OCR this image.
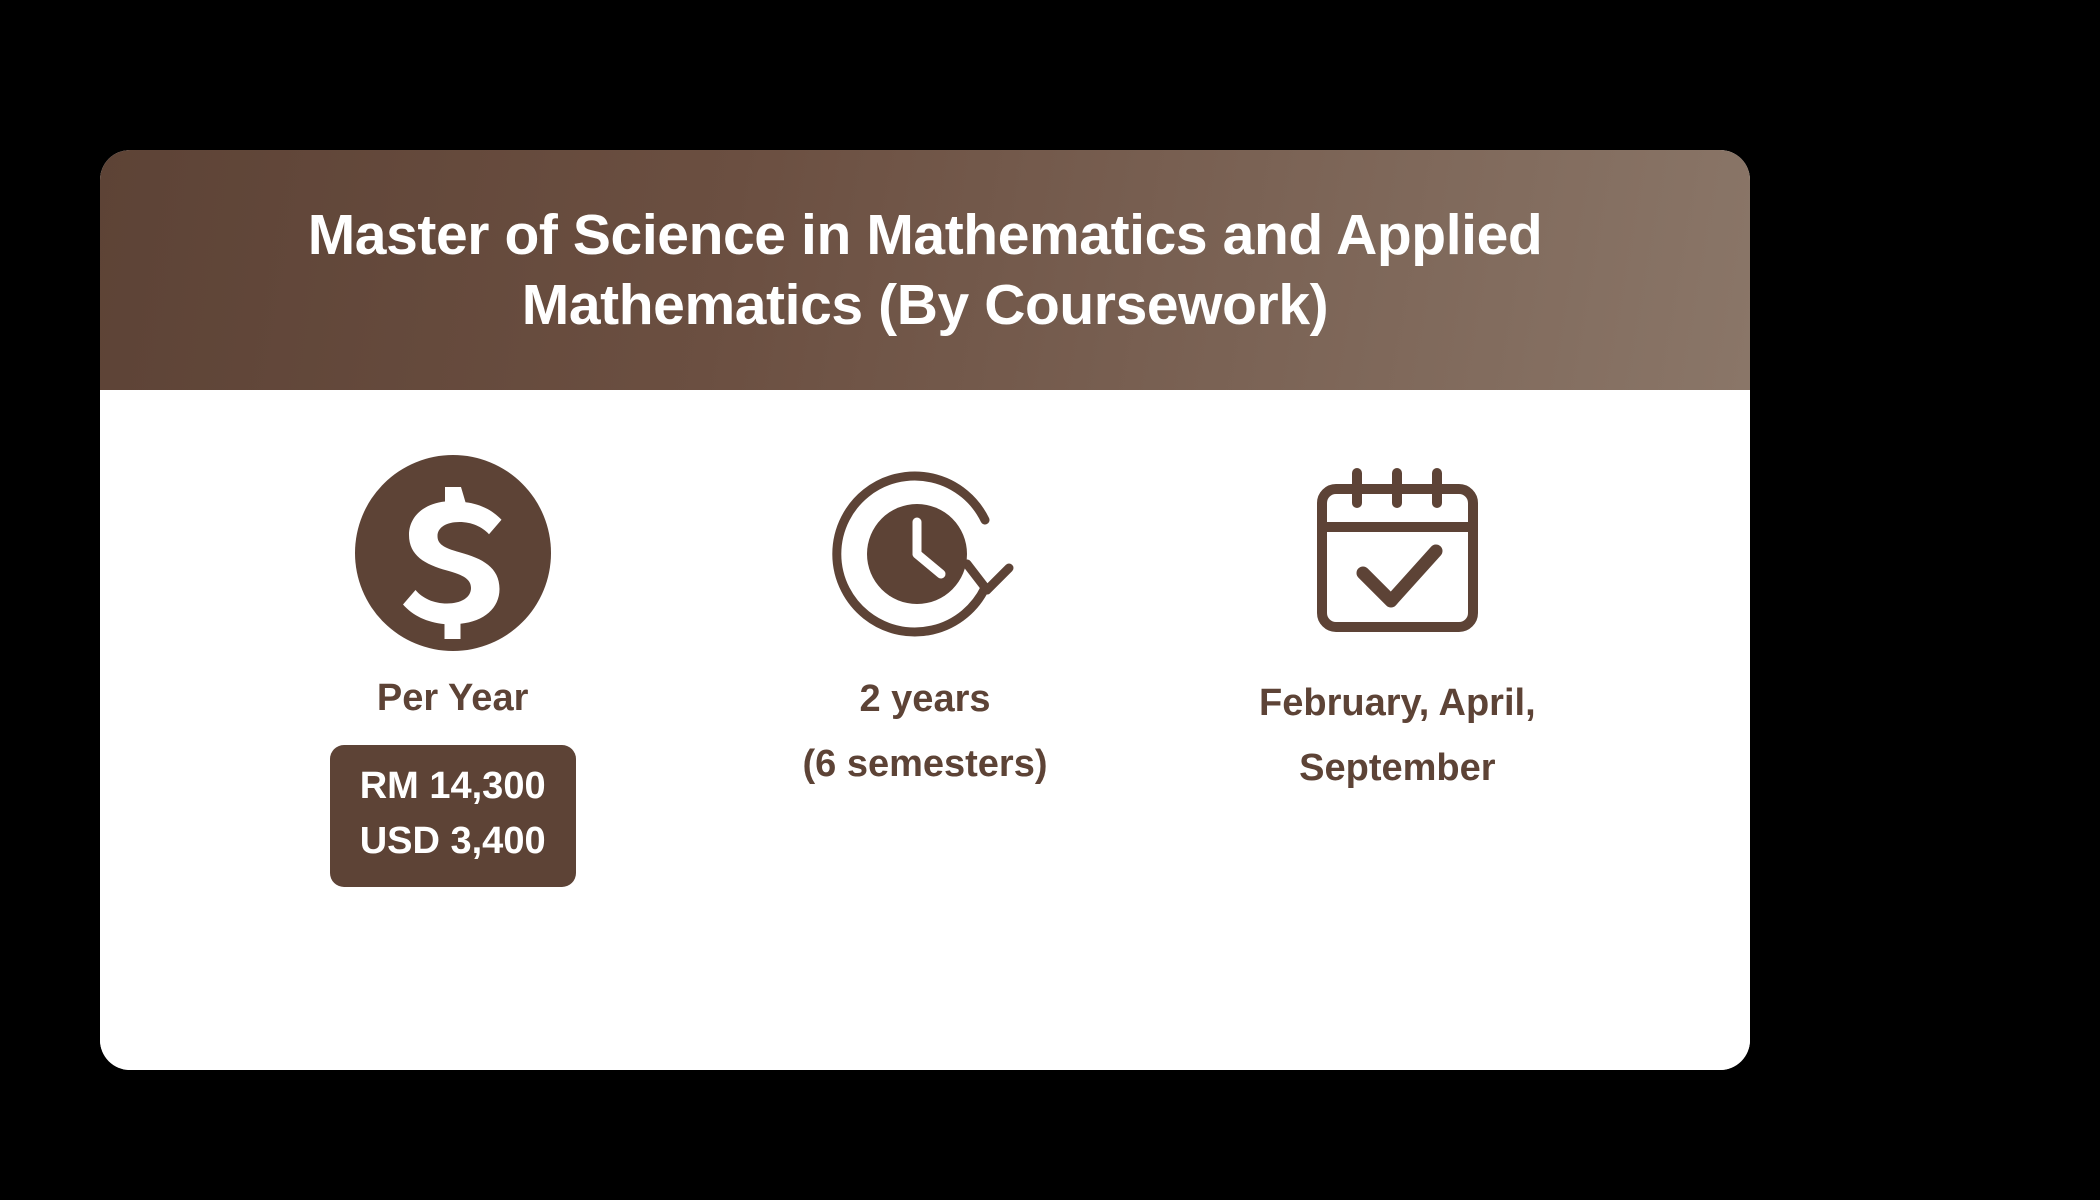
Master of Science in Mathematics and Applied Mathematics (By Coursework)
Per Year
RM 14,300
USD 3,400
2 years
(6 semesters)
February, April,
September
